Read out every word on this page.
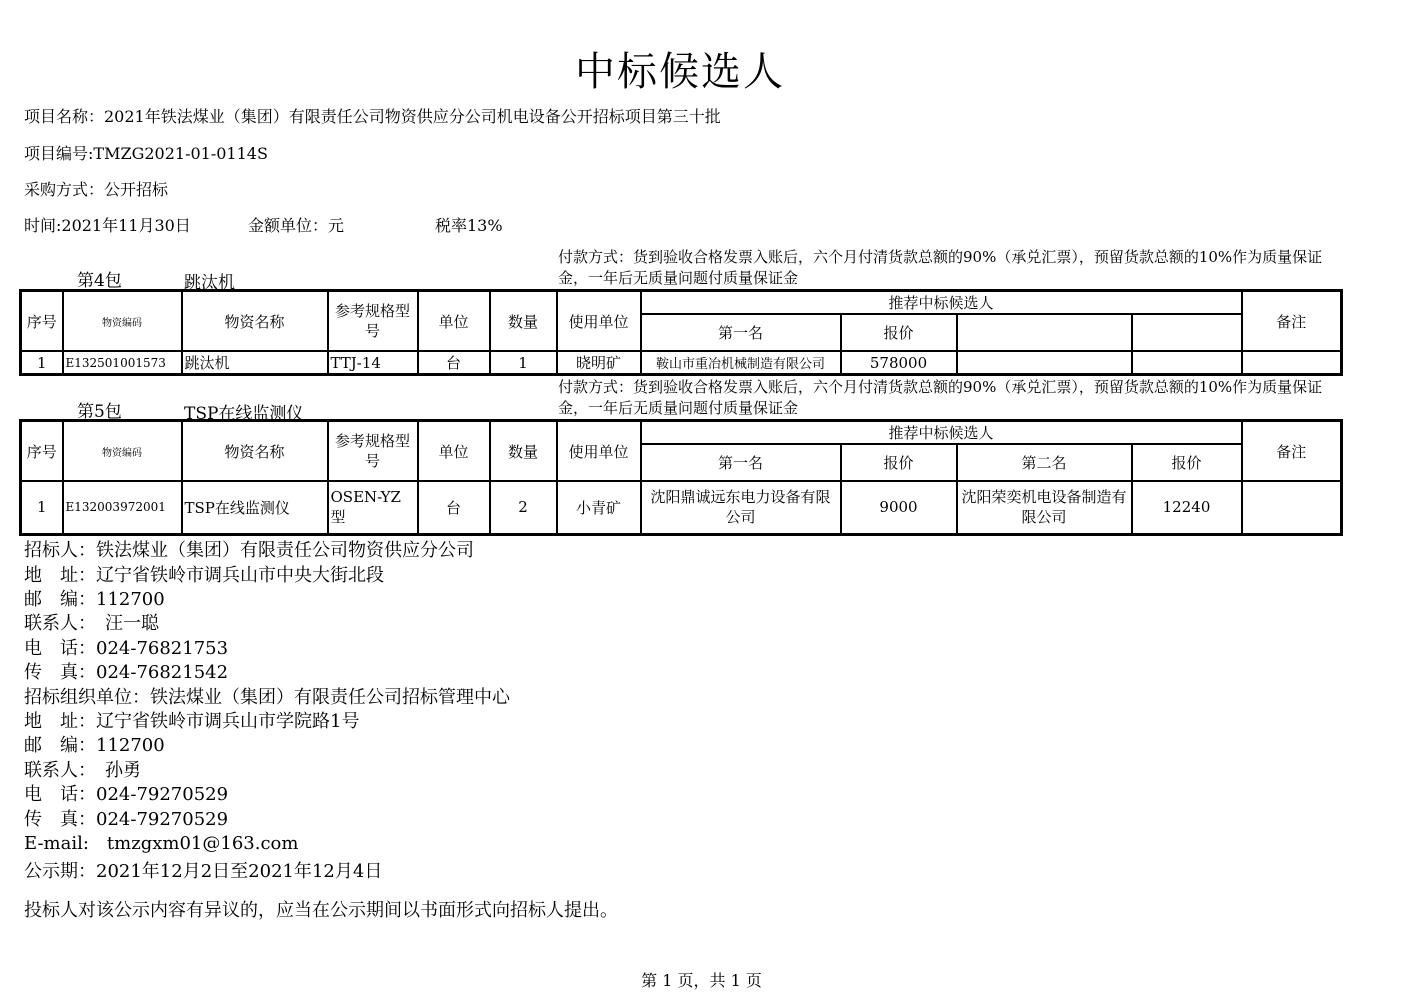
中标候选人
项目名称：2021年铁法煤业（集团）有限责任公司物资供应分公司机电设备公开招标项目第三十批
项目编号:TMZG2021-01-0114S
采购方式：公开招标
时间:2021年11月30日	金额单位：元	税率13%
第4包	跳汰机
付款方式：货到验收合格发票入账后，六个月付清货款总额的90%（承兑汇票），预留货款总额的10%作为质量保证金，一年后无质量问题付质量保证金
序号	物资编码	物资名称	参考规格型号	单位	数量	使用单位	推荐中标候选人				备注
							第一名	报价			
1	E132501001573	跳汰机	TTJ-14	台	1	晓明矿	鞍山市重冶机械制造有限公司	578000			
第5包	TSP在线监测仪
付款方式：货到验收合格发票入账后，六个月付清货款总额的90%（承兑汇票），预留货款总额的10%作为质量保证金，一年后无质量问题付质量保证金
序号	物资编码	物资名称	参考规格型号	单位	数量	使用单位	推荐中标候选人				备注
							第一名	报价	第二名	报价	
1	E132003972001	TSP在线监测仪	OSEN-YZ型	台	2	小青矿	沈阳鼎诚远东电力设备有限公司	9000	沈阳荣奕机电设备制造有限公司	12240	
招标人：铁法煤业（集团）有限责任公司物资供应分公司
地　址：辽宁省铁岭市调兵山市中央大街北段
邮　编：112700
联系人：　汪一聪
电　话：024-76821753
传　真：024-76821542
招标组织单位：铁法煤业（集团）有限责任公司招标管理中心
地　址：辽宁省铁岭市调兵山市学院路1号
邮　编：112700
联系人：　孙勇
电　话：024-79270529
传　真：024-79270529
E-mail:　tmzgxm01@163.com
公示期：2021年12月2日至2021年12月4日
投标人对该公示内容有异议的，应当在公示期间以书面形式向招标人提出。
第 1 页，共 1 页
